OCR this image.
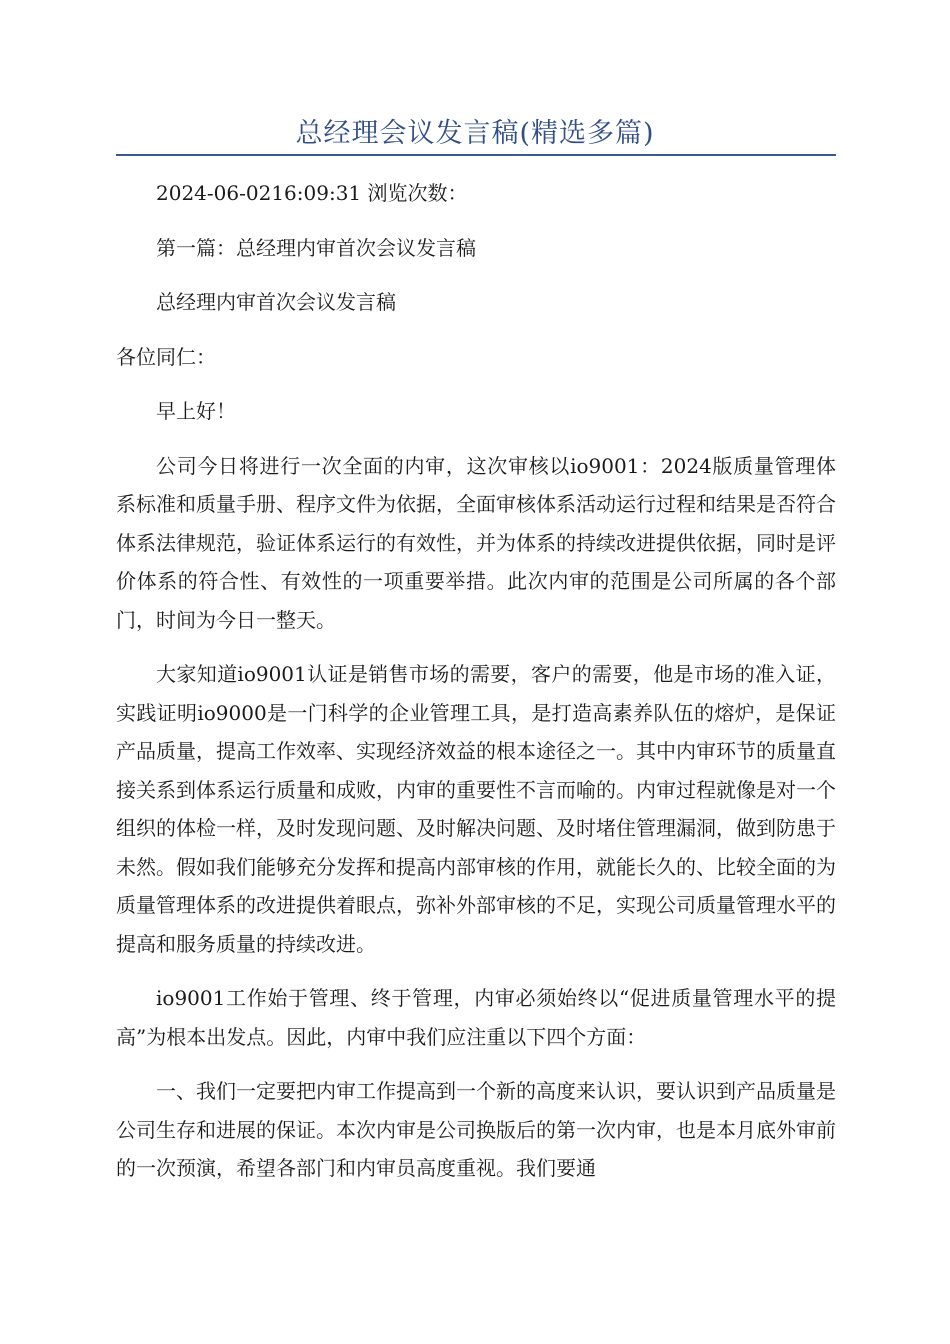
总经理会议发言稿(精选多篇)

2024-06-0216:09:31 浏览次数：

第一篇：总经理内审首次会议发言稿

总经理内审首次会议发言稿

各位同仁：

早上好！

公司今日将进行一次全面的内审，这次审核以io9001：2024版质量管理体系标准和质量手册、程序文件为依据，全面审核体系活动运行过程和结果是否符合体系法律规范，验证体系运行的有效性，并为体系的持续改进提供依据，同时是评价体系的符合性、有效性的一项重要举措。此次内审的范围是公司所属的各个部门，时间为今日一整天。

大家知道io9001认证是销售市场的需要，客户的需要，他是市场的准入证，实践证明io9000是一门科学的企业管理工具，是打造高素养队伍的熔炉，是保证产品质量，提高工作效率、实现经济效益的根本途径之一。其中内审环节的质量直接关系到体系运行质量和成败，内审的重要性不言而喻的。内审过程就像是对一个组织的体检一样，及时发现问题、及时解决问题、及时堵住管理漏洞，做到防患于未然。假如我们能够充分发挥和提高内部审核的作用，就能长久的、比较全面的为质量管理体系的改进提供着眼点，弥补外部审核的不足，实现公司质量管理水平的提高和服务质量的持续改进。

io9001工作始于管理、终于管理，内审必须始终以“促进质量管理水平的提高”为根本出发点。因此，内审中我们应注重以下四个方面：

一、我们一定要把内审工作提高到一个新的高度来认识，要认识到产品质量是公司生存和进展的保证。本次内审是公司换版后的第一次内审，也是本月底外审前的一次预演，希望各部门和内审员高度重视。我们要通
